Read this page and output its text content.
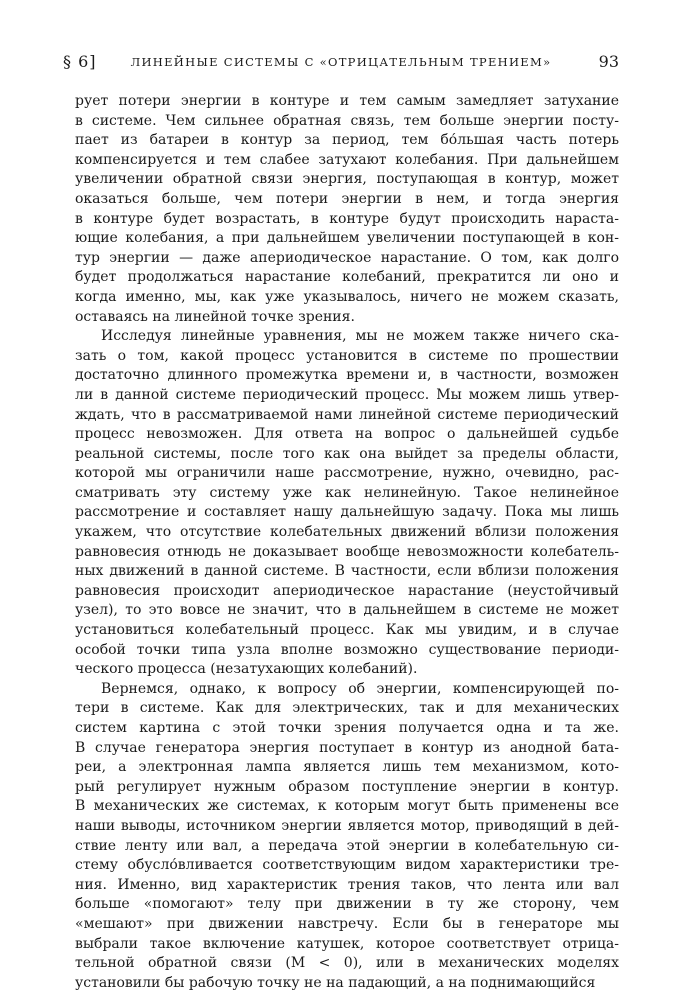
§ 6]	ЛИНЕЙНЫЕ СИСТЕМЫ С «ОТРИЦАТЕЛЬНЫМ ТРЕНИЕМ»	93
рует потери энергии в контуре и тем самым замедляет затухание
в системе. Чем сильнее обратная связь, тем больше энергии посту-
пает из батареи в контур за период, тем бо́льшая часть потерь
компенсируется и тем слабее затухают колебания. При дальнейшем
увеличении обратной связи энергия, поступающая в контур, может
оказаться больше, чем потери энергии в нем, и тогда энергия
в контуре будет возрастать, в контуре будут происходить нараста-
ющие колебания, а при дальнейшем увеличении поступающей в кон-
тур энергии — даже апериодическое нарастание. О том, как долго
будет продолжаться нарастание колебаний, прекратится ли оно и
когда именно, мы, как уже указывалось, ничего не можем сказать,
оставаясь на линейной точке зрения.
Исследуя линейные уравнения, мы не можем также ничего ска-
зать о том, какой процесс установится в системе по прошествии
достаточно длинного промежутка времени и, в частности, возможен
ли в данной системе периодический процесс. Мы можем лишь утвер-
ждать, что в рассматриваемой нами линейной системе периодический
процесс невозможен. Для ответа на вопрос о дальнейшей судьбе
реальной системы, после того как она выйдет за пределы области,
которой мы ограничили наше рассмотрение, нужно, очевидно, рас-
сматривать эту систему уже как нелинейную. Такое нелинейное
рассмотрение и составляет нашу дальнейшую задачу. Пока мы лишь
укажем, что отсутствие колебательных движений вблизи положения
равновесия отнюдь не доказывает вообще невозможности колебатель-
ных движений в данной системе. В частности, если вблизи положения
равновесия происходит апериодическое нарастание (неустойчивый
узел), то это вовсе не значит, что в дальнейшем в системе не может
установиться колебательный процесс. Как мы увидим, и в случае
особой точки типа узла вполне возможно существование периоди-
ческого процесса (незатухающих колебаний).
Вернемся, однако, к вопросу об энергии, компенсирующей по-
тери в системе. Как для электрических, так и для механических
систем картина с этой точки зрения получается одна и та же.
В случае генератора энергия поступает в контур из анодной бата-
реи, а электронная лампа является лишь тем механизмом, кото-
рый регулирует нужным образом поступление энергии в контур.
В механических же системах, к которым могут быть применены все
наши выводы, источником энергии является мотор, приводящий в дей-
ствие ленту или вал, а передача этой энергии в колебательную си-
стему обусло́вливается соответствующим видом характеристики тре-
ния. Именно, вид характеристик трения таков, что лента или вал
больше «помогают» телу при движении в ту же сторону, чем
«мешают» при движении навстречу. Если бы в генераторе мы
выбрали такое включение катушек, которое соответствует отрица-
тельной обратной связи (M < 0), или в механических моделях
установили бы рабочую точку не на падающий, а на поднимающийся
